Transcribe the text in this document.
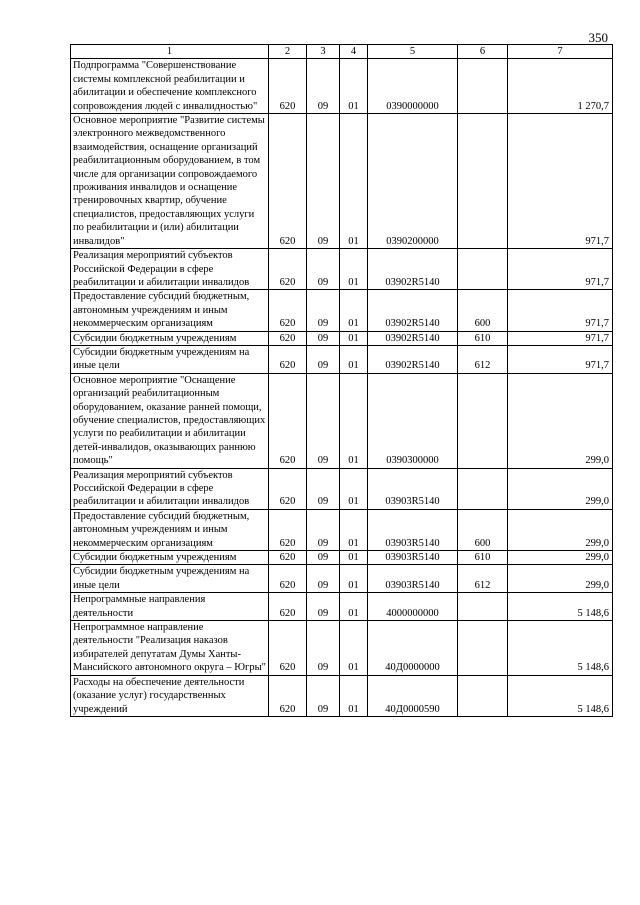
350
1	2	3	4	5	6	7
Подпрограмма "Совершенствование системы комплексной реабилитации и абилитации и обеспечение комплексного сопровождения людей с инвалидностью"	620	09	01	0390000000		1 270,7
Основное мероприятие "Развитие системы электронного межведомственного взаимодействия, оснащение организаций реабилитационным оборудованием, в том числе для организации сопровождаемого проживания инвалидов и оснащение тренировочных квартир, обучение специалистов, предоставляющих услуги по реабилитации и (или) абилитации инвалидов"	620	09	01	0390200000		971,7
Реализация мероприятий субъектов Российской Федерации в сфере реабилитации и абилитации инвалидов	620	09	01	03902R5140		971,7
Предоставление субсидий бюджетным, автономным учреждениям и иным некоммерческим организациям	620	09	01	03902R5140	600	971,7
Субсидии бюджетным учреждениям	620	09	01	03902R5140	610	971,7
Субсидии бюджетным учреждениям на иные цели	620	09	01	03902R5140	612	971,7
Основное мероприятие "Оснащение организаций реабилитационным оборудованием, оказание ранней помощи, обучение специалистов, предоставляющих услуги по реабилитации и абилитации детей-инвалидов, оказывающих раннюю помощь"	620	09	01	0390300000		299,0
Реализация мероприятий субъектов Российской Федерации в сфере реабилитации и абилитации инвалидов	620	09	01	03903R5140		299,0
Предоставление субсидий бюджетным, автономным учреждениям и иным некоммерческим организациям	620	09	01	03903R5140	600	299,0
Субсидии бюджетным учреждениям	620	09	01	03903R5140	610	299,0
Субсидии бюджетным учреждениям на иные цели	620	09	01	03903R5140	612	299,0
Непрограммные направления деятельности	620	09	01	4000000000		5 148,6
Непрограммное направление деятельности "Реализация наказов избирателей депутатам Думы Ханты-Мансийского автономного округа – Югры"	620	09	01	40Д0000000		5 148,6
Расходы на обеспечение деятельности (оказание услуг) государственных учреждений	620	09	01	40Д0000590		5 148,6
